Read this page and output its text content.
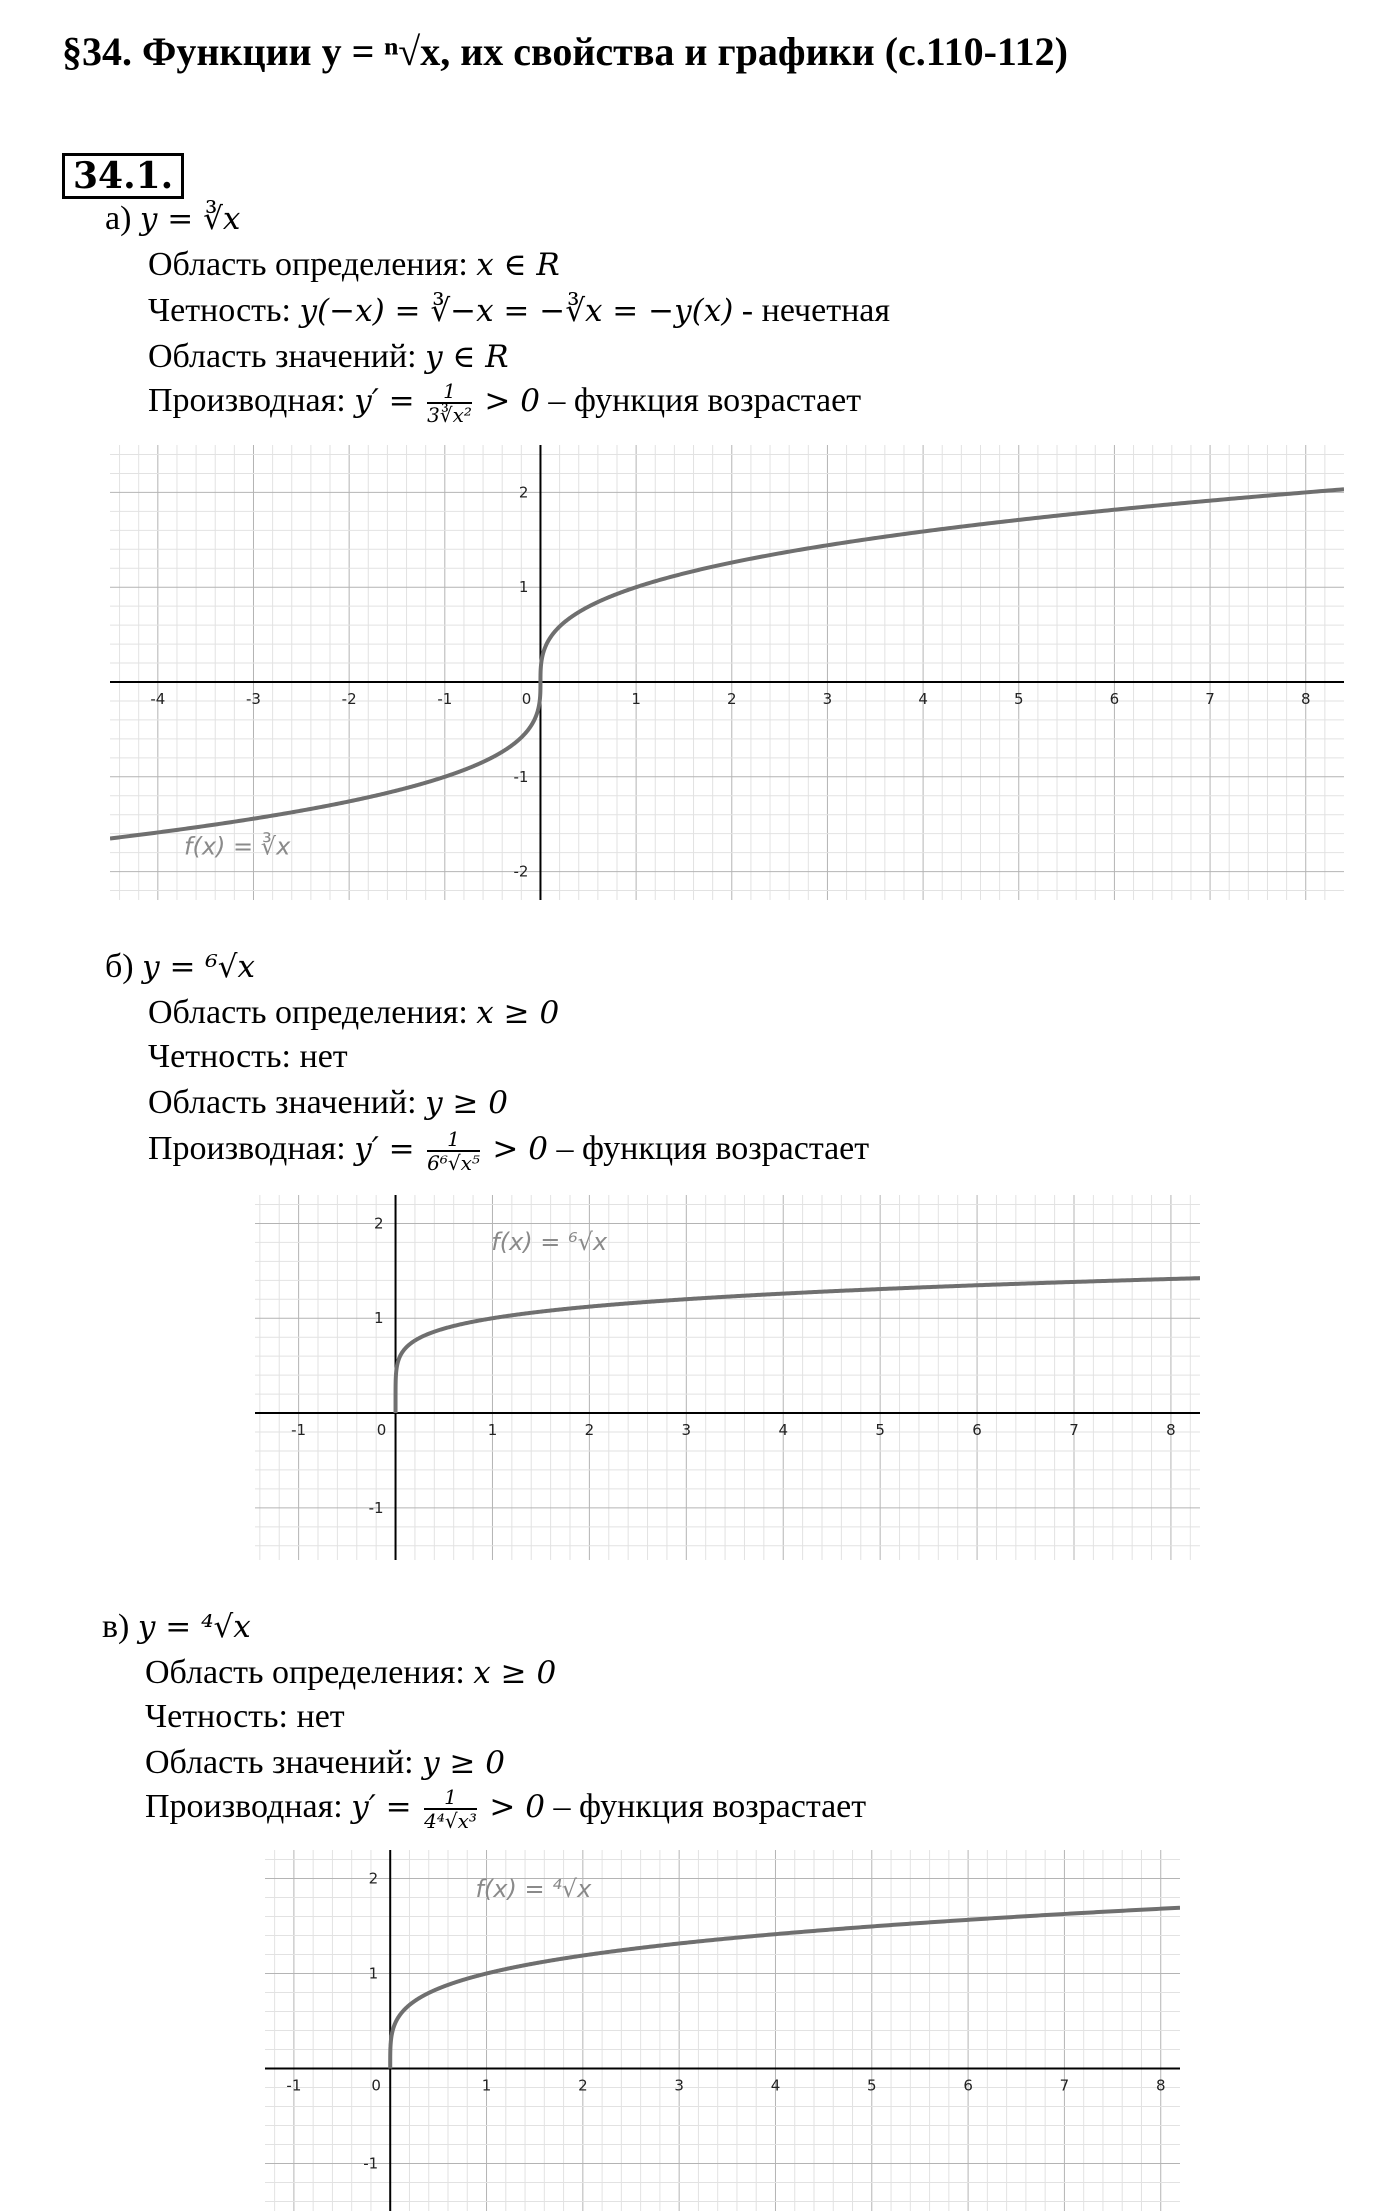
§34. Функции y = ⁿ√x, их свойства и графики (с.110-112)
34.1.
а) y = ∛x
Область определения: x ∈ R
Четность: y(−x) = ∛−x = −∛x = −y(x) - нечетная
Область значений: y ∈ R
Производная: $y' = \frac{1}{\text{3∛x²}} > 0$ – функция возрастает
-4	-3	-2	-1	0	1	2	3	4	5	6	7	8
-2
-1
1
2
f(x) = ∛x
б) y = ⁶√x
Область определения: x ≥ 0
Четность: нет
Область значений: y ≥ 0
Производная: $y' = \frac{1}{\text{6⁶√x⁵}} > 0$ – функция возрастает
-1	0	1	2	3	4	5	6	7	8
-1
1
2
f(x) = ⁶√x
в) y = ⁴√x
Область определения: x ≥ 0
Четность: нет
Область значений: y ≥ 0
Производная: $y' = \frac{1}{\text{4⁴√x³}} > 0$ – функция возрастает
-1	0	1	2	3	4	5	6	7	8
-1
1
2	f(x) = ⁴√x
